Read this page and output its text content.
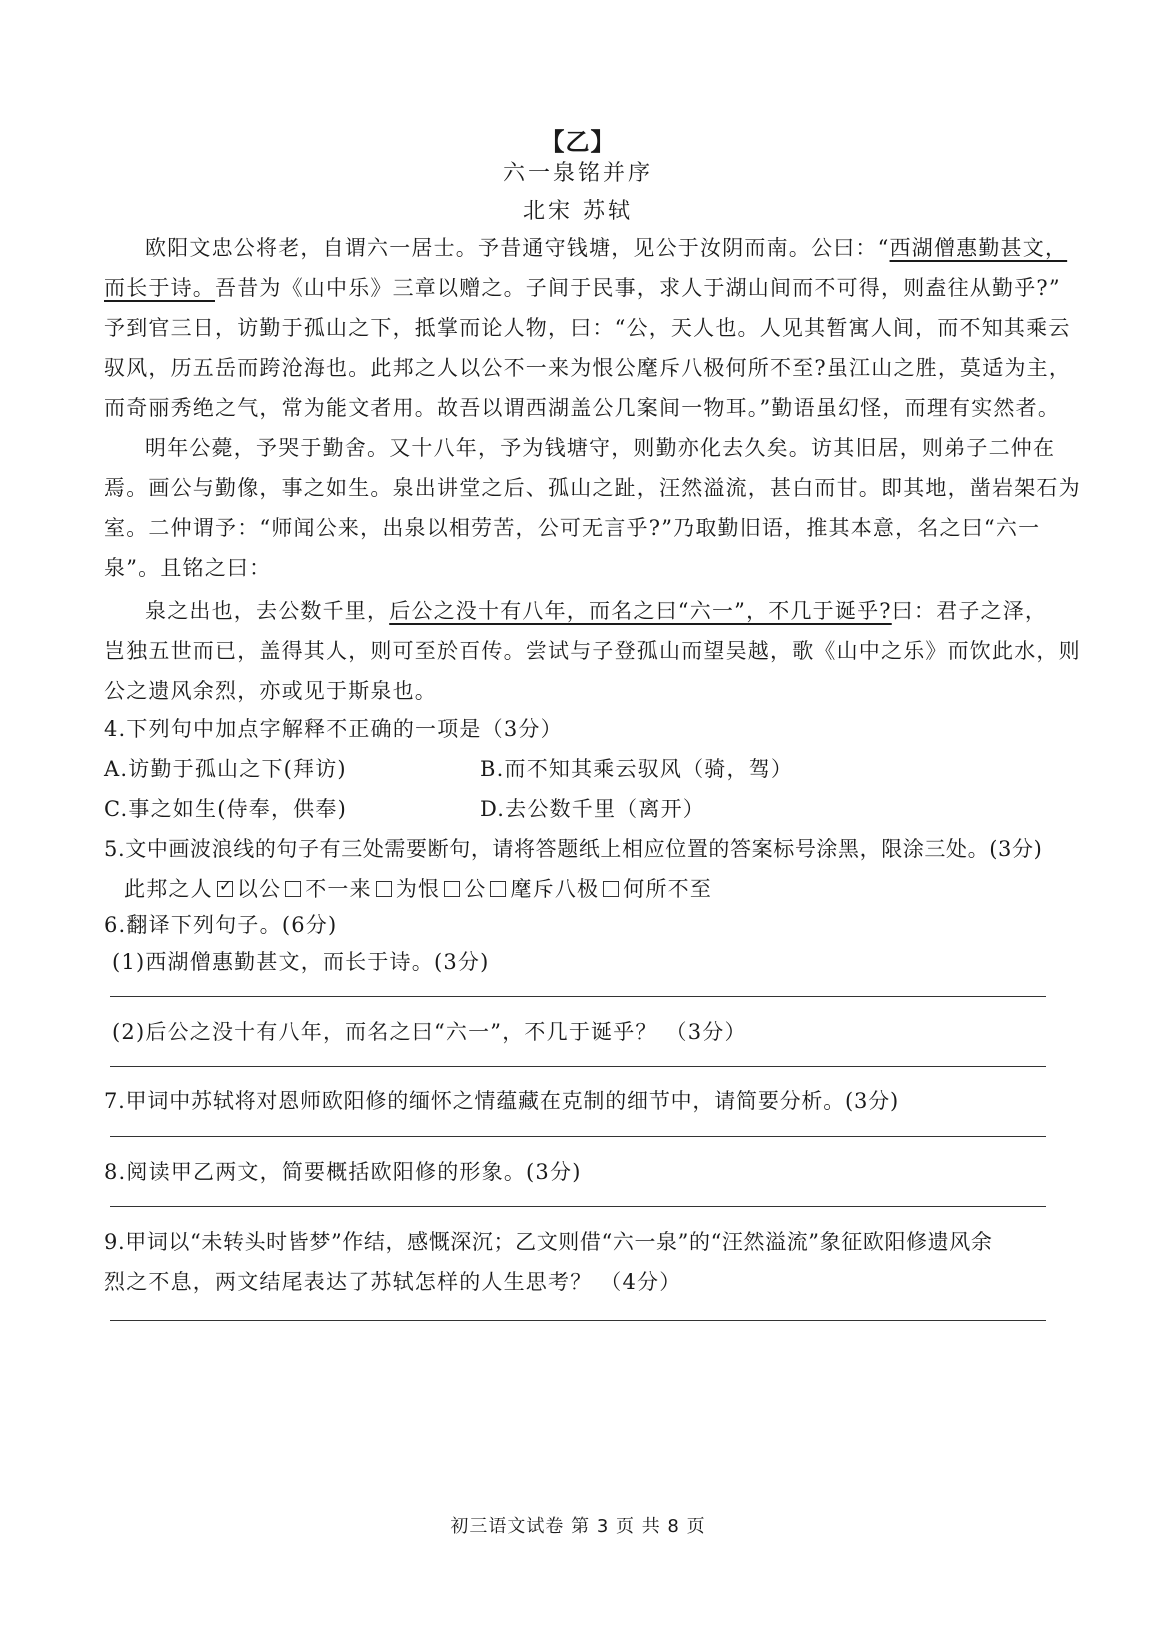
【乙】
六一泉铭并序
北宋 苏轼
欧阳文忠公将老，自谓六一居士。予昔通守钱塘，见公于汝阴而南。公曰：“西湖僧惠勤甚文，
而长于诗。吾昔为《山中乐》三章以赠之。子间于民事，求人于湖山间而不可得，则盍往从勤乎?”
予到官三日，访勤于孤山之下，抵掌而论人物，曰：“公，天人也。人见其暂寓人间，而不知其乘云
驭风，历五岳而跨沧海也。此邦之人以公不一来为恨公麾斥八极何所不至?虽江山之胜，莫适为主，
而奇丽秀绝之气，常为能文者用。故吾以谓西湖盖公几案间一物耳。”勤语虽幻怪，而理有实然者。
明年公薨，予哭于勤舍。又十八年，予为钱塘守，则勤亦化去久矣。访其旧居，则弟子二仲在
焉。画公与勤像，事之如生。泉出讲堂之后、孤山之趾，汪然溢流，甚白而甘。即其地，凿岩架石为
室。二仲谓予：“师闻公来，出泉以相劳苦，公可无言乎?”乃取勤旧语，推其本意，名之曰“六一
泉”。且铭之曰：
泉之出也，去公数千里，后公之没十有八年，而名之曰“六一”，不几于诞乎?曰：君子之泽，
岂独五世而已，盖得其人，则可至於百传。尝试与子登孤山而望吴越，歌《山中之乐》而饮此水，则
公之遗风余烈，亦或见于斯泉也。
4.下列句中加点字解释不正确的一项是（3分）
A.访勤于孤山之下(拜访)	B.而不知其乘云驭风（骑，驾）
C.事之如生(侍奉，供奉)	D.去公数千里（离开）
5.文中画波浪线的句子有三处需要断句，请将答题纸上相应位置的答案标号涂黑，限涂三处。(3分)
此邦之人✓ 以公 不一来 为恨 公 麾斥八极 何所不至
6.翻译下列句子。(6分)
(1)西湖僧惠勤甚文，而长于诗。(3分)
(2)后公之没十有八年，而名之曰“六一”，不几于诞乎？ （3分）
7.甲词中苏轼将对恩师欧阳修的缅怀之情蕴藏在克制的细节中，请简要分析。(3分)
8.阅读甲乙两文，简要概括欧阳修的形象。(3分)
9.甲词以“未转头时皆梦”作结，感慨深沉；乙文则借“六一泉”的“汪然溢流”象征欧阳修遗风余
烈之不息，两文结尾表达了苏轼怎样的人生思考？ （4分）
初三语文试卷 第 3 页 共 8 页
